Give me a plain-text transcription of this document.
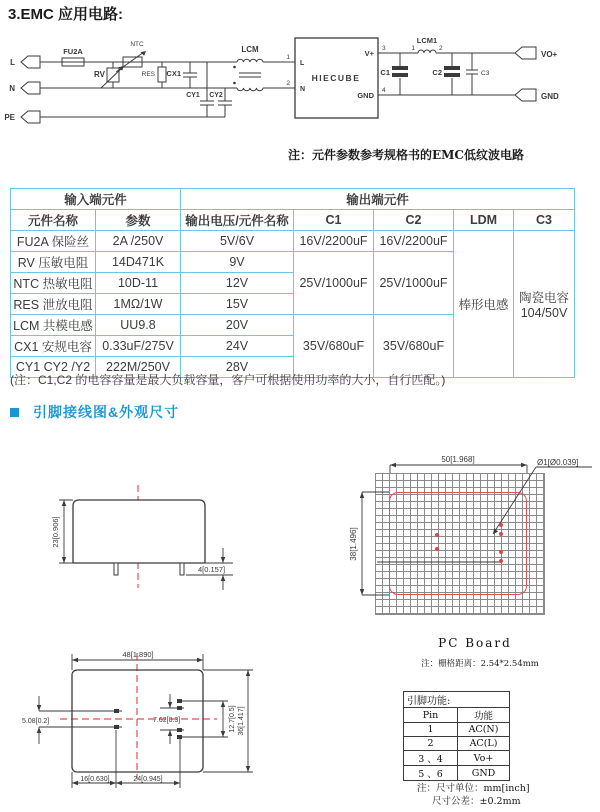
3.EMC 应用电路:
L
N
PE
FU2A
NTC
RV	RES CX1
CY1 CY2
LCM
1
2
HIECUBE
L
N
V+
GND
3
4
LCM1
1	2
C1	C2	C3
VO+
GND
注：元件参数参考规格书的EMC低纹波电路
输入端元件		输出端元件				
元件名称	参数	输出电压/元件名称	C1	C2	LDM	C3
FU2A 保险丝	2A /250V	5V/6V	16V/2200uF	16V/2200uF	棒形电感	陶瓷电容
104/50V

RV 压敏电阻	14D471K	9V	25V/1000uF	25V/1000uF		
NTC 热敏电阻	10D-11	12V				
RES 泄放电阻	1MΩ/1W	15V				
LCM 共模电感	UU9.8	20V	35V/680uF	35V/680uF		
CX1 安规电容	0.33uF/275V	24V				
CY1 CY2 /Y2	222M/250V	28V				
(注：C1,C2 的电容容量是最大负载容量，客户可根据使用功率的大小，自行匹配。)
引脚接线图&外观尺寸
23[0.906]
4[0.157]
50[1.968]	Ø1[Ø0.039]
38[1.496]
PC Board
注：栅格距离：2.54*2.54mm
48[1.890]
5.08[0.2]	7.62[0.3]	12.7[0.5] 36[1.417]
16[0.630]	24[0.945]
引脚功能:	
Pin	功能
1	AC(N)
2	AC(L)
3 、4	Vo+
5 、6	GND
注：尺寸单位：mm[inch]
尺寸公差：±0.2mm
